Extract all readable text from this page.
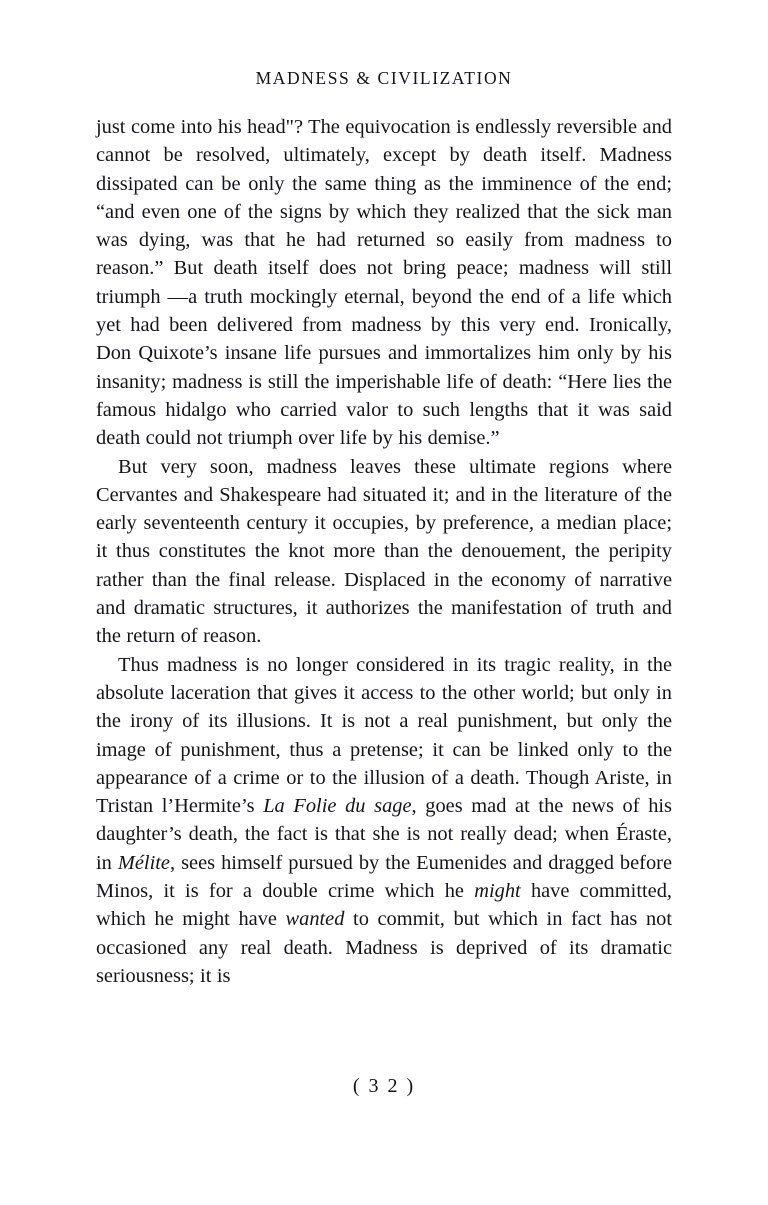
MADNESS & CIVILIZATION

just come into his head"? The equivocation is endlessly reversible and cannot be resolved, ultimately, except by death itself. Madness dissipated can be only the same thing as the imminence of the end; “and even one of the signs by which they realized that the sick man was dying, was that he had returned so easily from madness to reason.” But death itself does not bring peace; madness will still triumph —a truth mockingly eternal, beyond the end of a life which yet had been delivered from madness by this very end. Ironically, Don Quixote’s insane life pursues and immortalizes him only by his insanity; madness is still the imperishable life of death: “Here lies the famous hidalgo who carried valor to such lengths that it was said death could not triumph over life by his demise.”

But very soon, madness leaves these ultimate regions where Cervantes and Shakespeare had situated it; and in the literature of the early seventeenth century it occupies, by preference, a median place; it thus constitutes the knot more than the denouement, the peripity rather than the final release. Displaced in the economy of narrative and dramatic structures, it authorizes the manifestation of truth and the return of reason.

Thus madness is no longer considered in its tragic reality, in the absolute laceration that gives it access to the other world; but only in the irony of its illusions. It is not a real punishment, but only the image of punishment, thus a pretense; it can be linked only to the appearance of a crime or to the illusion of a death. Though Ariste, in Tristan l’Hermite’s La Folie du sage, goes mad at the news of his daughter’s death, the fact is that she is not really dead; when Éraste, in Mélite, sees himself pursued by the Eumenides and dragged before Minos, it is for a double crime which he might have committed, which he might have wanted to commit, but which in fact has not occasioned any real death. Madness is deprived of its dramatic seriousness; it is

( 3 2 )
